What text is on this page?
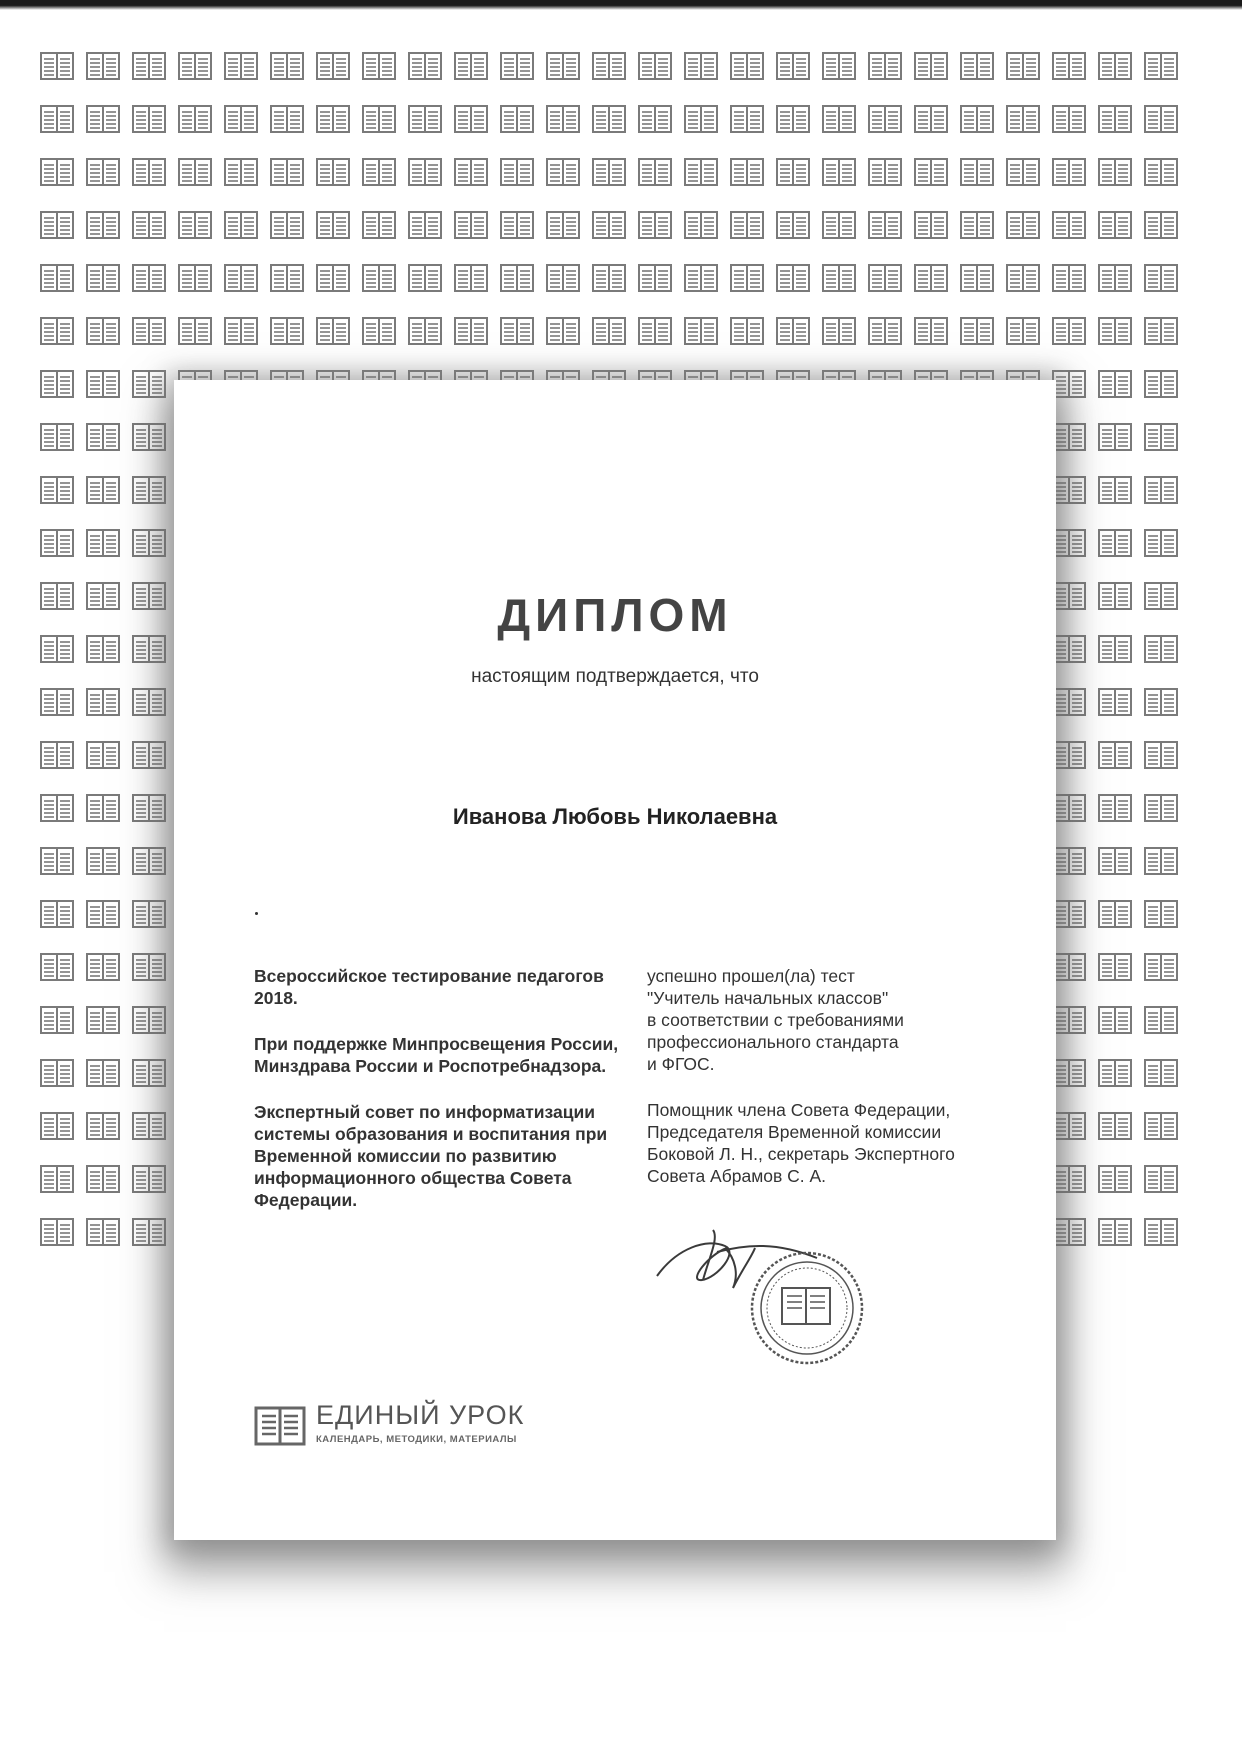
ДИПЛОМ
настоящим подтверждается, что
Иванова Любовь Николаевна

Всероссийское тестирование педагогов 2018.

При поддержке Минпросвещения России, Минздрава России и Роспотребнадзора.

Экспертный совет по информатизации системы образования и воспитания при Временной комиссии по развитию информационного общества Совета Федерации.

успешно прошел(ла) тест

"Учитель начальных классов"

в соответствии с требованиями

профессионального стандарта

и ФГОС.

Помощник члена Совета Федерации,

Председателя Временной комиссии

Боковой Л. Н., секретарь Экспертного

Совета Абрамов С. А.

ЕДИНЫЙ УРОК
КАЛЕНДАРЬ, МЕТОДИКИ, МАТЕРИАЛЫ
